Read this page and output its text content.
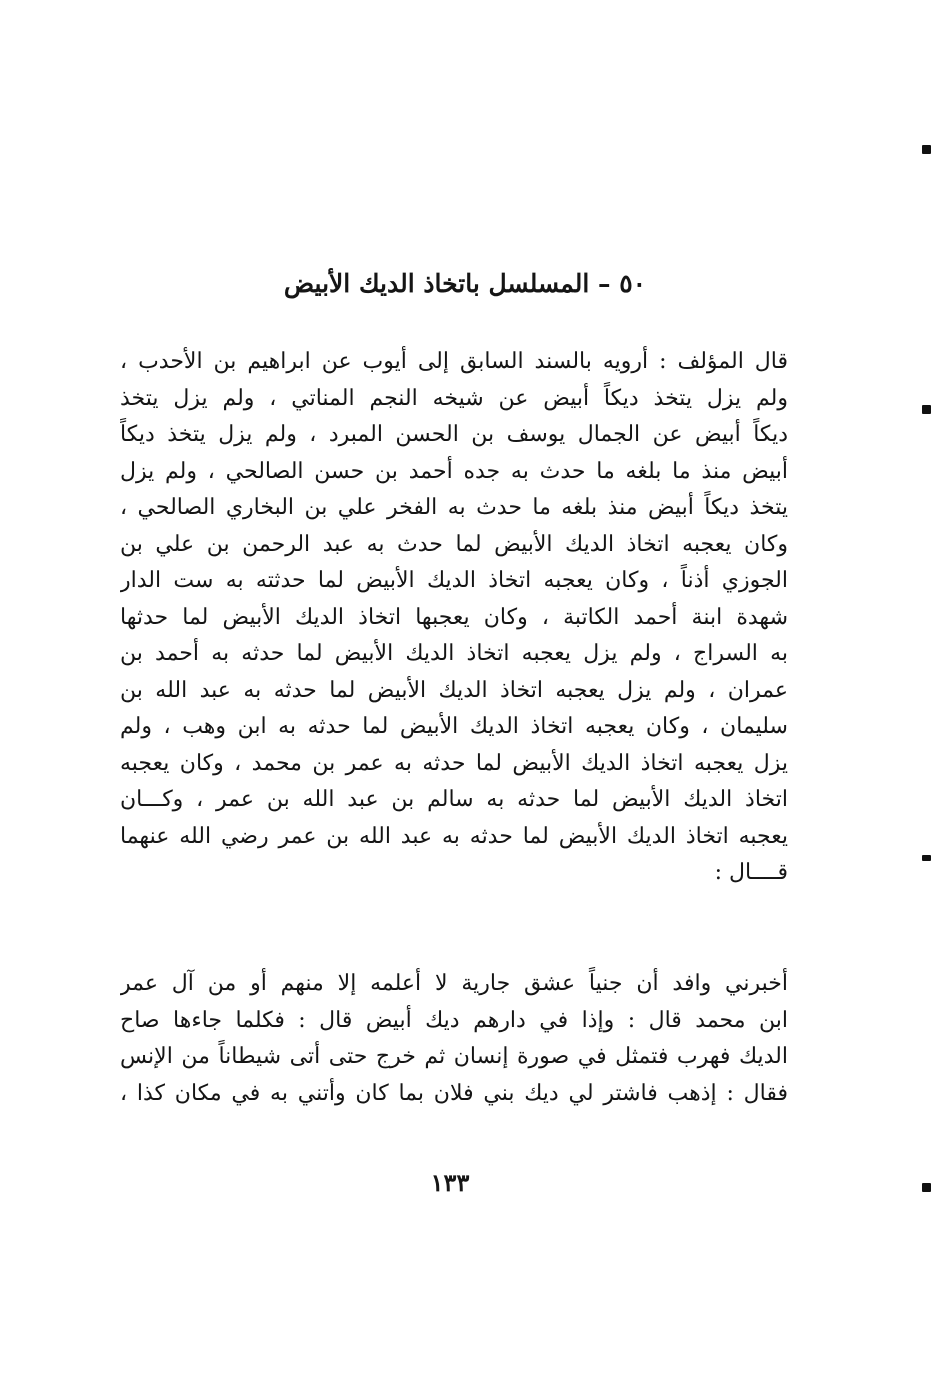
٥٠ – المسلسل باتخاذ الديك الأبيض
قال المؤلف : أرويه بالسند السابق إلى أيوب عن ابراهيم بن الأحدب ،
ولم يزل يتخذ ديكاً أبيض عن شيخه النجم المناتي ، ولم يزل يتخذ
ديكاً أبيض عن الجمال يوسف بن الحسن المبرد ، ولم يزل يتخذ ديكاً
أبيض منذ ما بلغه ما حدث به جده أحمد بن حسن الصالحي ، ولم يزل
يتخذ ديكاً أبيض منذ بلغه ما حدث به الفخر علي بن البخاري الصالحي ،
وكان يعجبه اتخاذ الديك الأبيض لما حدث به عبد الرحمن بن علي بن
الجوزي أذناً ، وكان يعجبه اتخاذ الديك الأبيض لما حدثته به ست الدار
شهدة ابنة أحمد الكاتبة ، وكان يعجبها اتخاذ الديك الأبيض لما حدثها
به السراج ، ولم يزل يعجبه اتخاذ الديك الأبيض لما حدثه به أحمد بن
عمران ، ولم يزل يعجبه اتخاذ الديك الأبيض لما حدثه به عبد الله بن
سليمان ، وكان يعجبه اتخاذ الديك الأبيض لما حدثه به ابن وهب ، ولم
يزل يعجبه اتخاذ الديك الأبيض لما حدثه به عمر بن محمد ، وكان يعجبه
اتخاذ الديك الأبيض لما حدثه به سالم بن عبد الله بن عمر ، وكـــان
يعجبه اتخاذ الديك الأبيض لما حدثه به عبد الله بن عمر رضي الله عنهما
قــــال :
أخبرني وافد أن جنياً عشق جارية لا أعلمه إلا منهم أو من آل عمر
ابن محمد قال : وإذا في دارهم ديك أبيض قال : فكلما جاءها صاح
الديك فهرب فتمثل في صورة إنسان ثم خرج حتى أتى شيطاناً من الإنس
فقال : إذهب فاشتر لي ديك بني فلان بما كان وأتني به في مكان كذا ،
١٣٣
